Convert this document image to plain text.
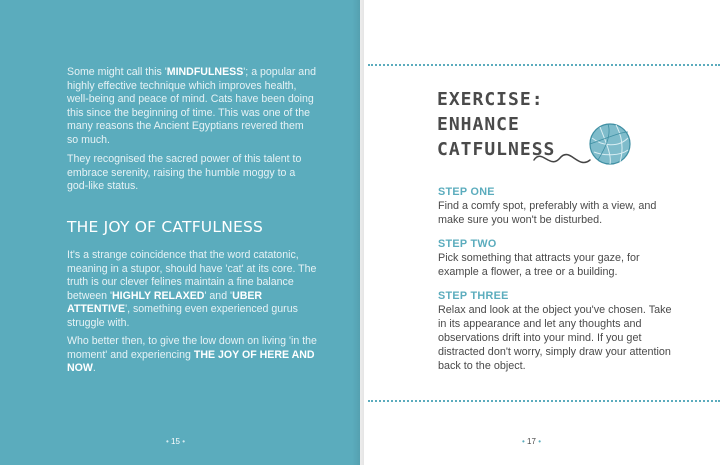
Some might call this 'MINDFULNESS'; a popular and highly effective technique which improves health, well-being and peace of mind. Cats have been doing this since the beginning of time. This was one of the many reasons the Ancient Egyptians revered them so much.

They recognised the sacred power of this talent to embrace serenity, raising the humble moggy to a god-like status.

THE JOY OF CATFULNESS

It's a strange coincidence that the word catatonic, meaning in a stupor, should have 'cat' at its core. The truth is our clever felines maintain a fine balance between 'HIGHLY RELAXED' and 'UBER ATTENTIVE', something even experienced gurus struggle with.

Who better then, to give the low down on living 'in the moment' and experiencing THE JOY OF HERE AND NOW.

• 15 •
EXERCISE:
ENHANCE
CATFULNESS

STEP ONE

Find a comfy spot, preferably with a view, and make sure you won't be disturbed.

STEP TWO

Pick something that attracts your gaze, for example a flower, a tree or a building.

STEP THREE

Relax and look at the object you've chosen. Take in its appearance and let any thoughts and observations drift into your mind. If you get distracted don't worry, simply draw your attention back to the object.

• 17 •
